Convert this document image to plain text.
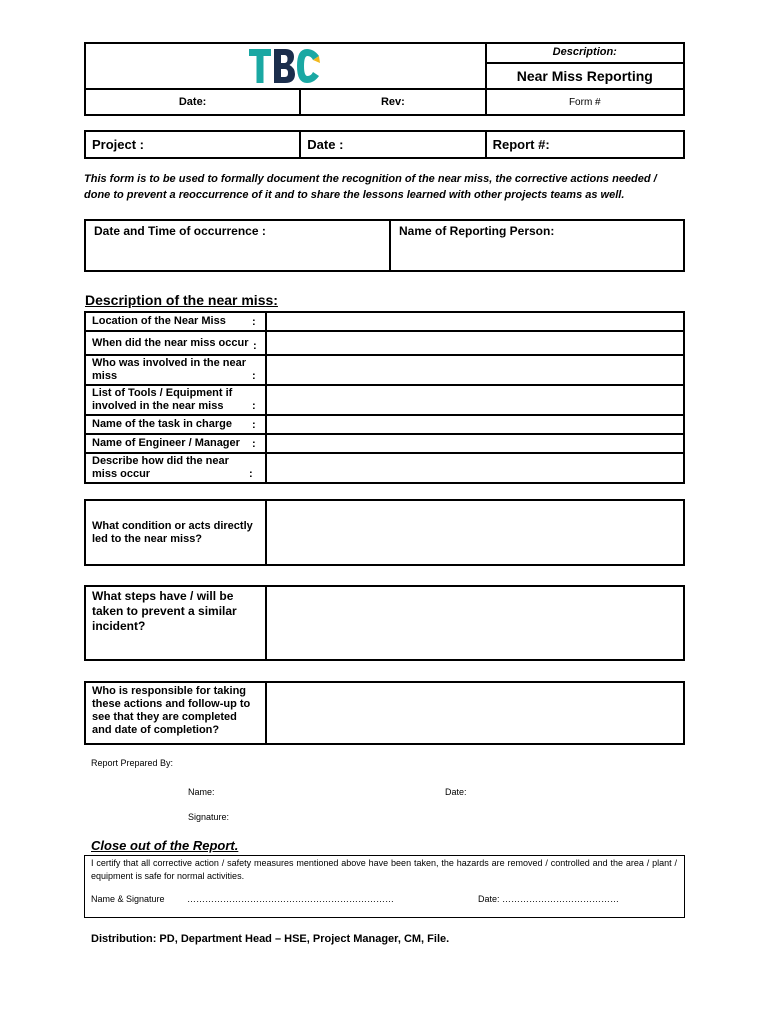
Description:
Near Miss Reporting

Date:	Rev:	Form #
Project :	Date :	Report #:
This form is to be used to formally document the recognition of the near miss, the corrective actions needed / done to prevent a reoccurrence of it and to share the lessons learned with other projects teams as well.
Date and Time of occurrence :	Name of Reporting Person:
Description of the near miss:
Location of the Near Miss :	

When did the near miss occur :	

Who was involved in the near miss :	

List of Tools / Equipment if involved in the near miss :	

Name of the task in charge :	

Name of Engineer / Manager :	

Describe how did the near miss occur :	

What condition or acts directly led to the near miss?	
What steps have / will be taken to prevent a similar incident?	
Who is responsible for taking these actions and follow-up to see that they are completed and date of completion?	
Report Prepared By:
Name:	Date:
Signature:
Close out of the Report.
I certify that all corrective action / safety measures mentioned above have been taken, the hazards are removed / controlled and the area / plant / equipment is safe for normal activities.
Name & Signature ……………………………………………………………	Date: …………………………………
Distribution: PD, Department Head – HSE, Project Manager, CM, File.
